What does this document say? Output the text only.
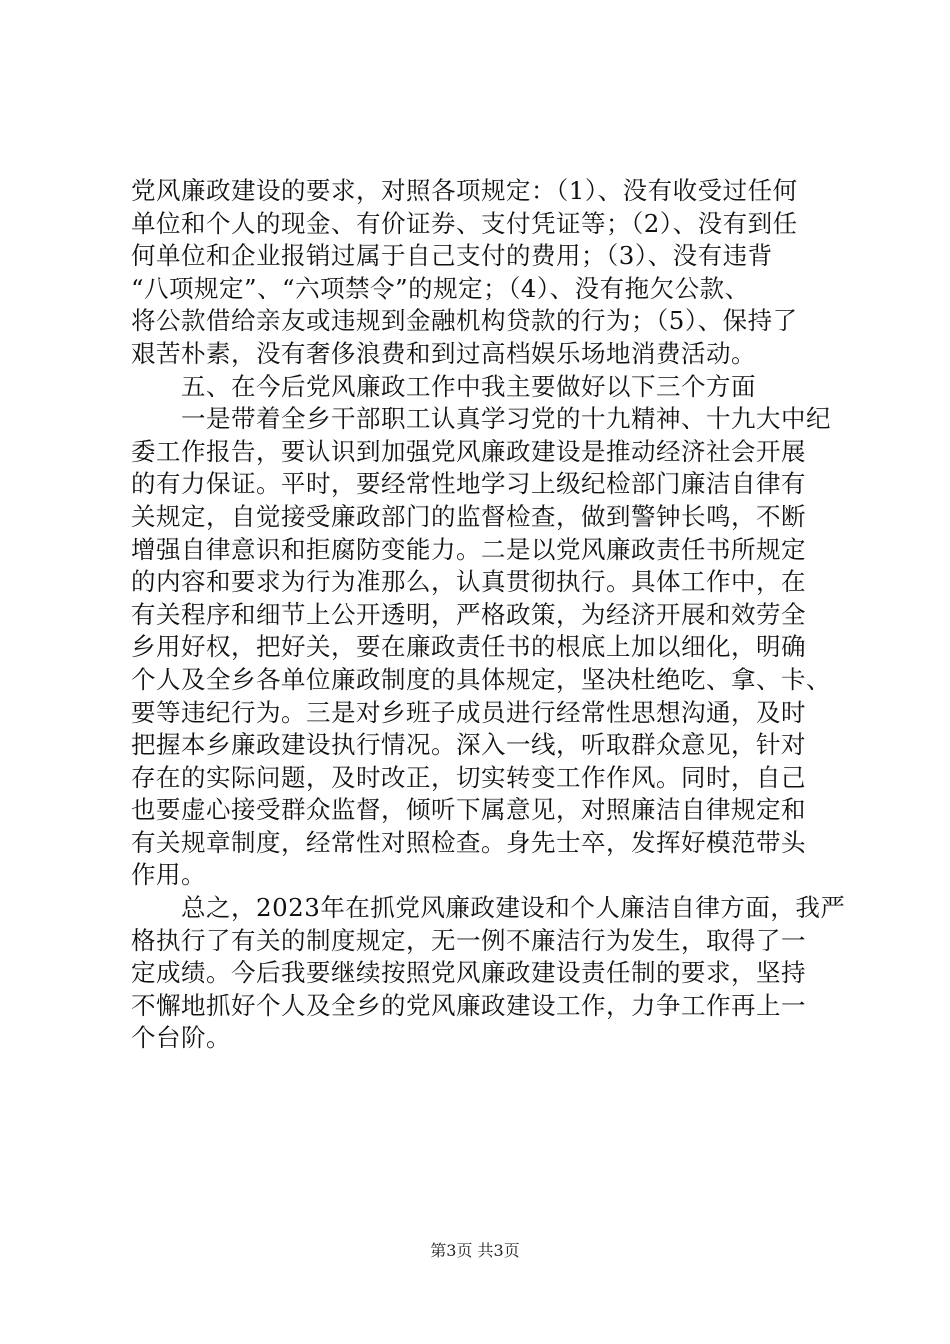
党风廉政建设的要求，对照各项规定：（1）、没有收受过任何
单位和个人的现金、有价证券、支付凭证等；（2）、没有到任
何单位和企业报销过属于自己支付的费用；（3）、没有违背
“八项规定”、“六项禁令”的规定；（4）、没有拖欠公款、
将公款借给亲友或违规到金融机构贷款的行为；（5）、保持了
艰苦朴素，没有奢侈浪费和到过高档娱乐场地消费活动。
　　五、在今后党风廉政工作中我主要做好以下三个方面
　　一是带着全乡干部职工认真学习党的十九精神、十九大中纪
委工作报告，要认识到加强党风廉政建设是推动经济社会开展
的有力保证。平时，要经常性地学习上级纪检部门廉洁自律有
关规定，自觉接受廉政部门的监督检查，做到警钟长鸣，不断
增强自律意识和拒腐防变能力。二是以党风廉政责任书所规定
的内容和要求为行为准那么，认真贯彻执行。具体工作中，在
有关程序和细节上公开透明，严格政策，为经济开展和效劳全
乡用好权，把好关，要在廉政责任书的根底上加以细化，明确
个人及全乡各单位廉政制度的具体规定，坚决杜绝吃、拿、卡、
要等违纪行为。三是对乡班子成员进行经常性思想沟通，及时
把握本乡廉政建设执行情况。深入一线，听取群众意见，针对
存在的实际问题，及时改正，切实转变工作作风。同时，自己
也要虚心接受群众监督，倾听下属意见，对照廉洁自律规定和
有关规章制度，经常性对照检查。身先士卒，发挥好模范带头
作用。
　　总之，2023年在抓党风廉政建设和个人廉洁自律方面，我严
格执行了有关的制度规定，无一例不廉洁行为发生，取得了一
定成绩。今后我要继续按照党风廉政建设责任制的要求，坚持
不懈地抓好个人及全乡的党风廉政建设工作，力争工作再上一
个台阶。
第3页 共3页
